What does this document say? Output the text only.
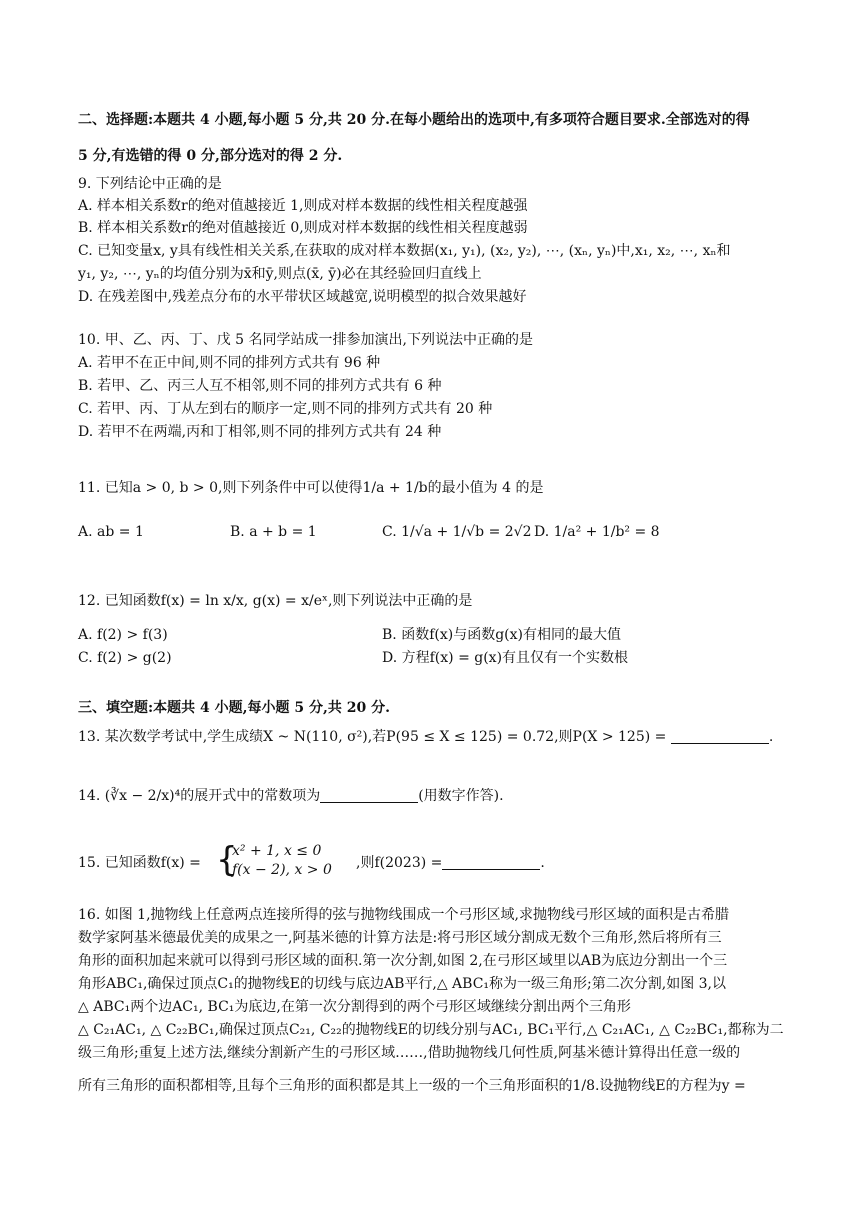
二、选择题:本题共 4 小题,每小题 5 分,共 20 分.在每小题给出的选项中,有多项符合题目要求.全部选对的得
5 分,有选错的得 0 分,部分选对的得 2 分.
9. 下列结论中正确的是
A. 样本相关系数r的绝对值越接近 1,则成对样本数据的线性相关程度越强
B. 样本相关系数r的绝对值越接近 0,则成对样本数据的线性相关程度越弱
C. 已知变量x, y具有线性相关关系,在获取的成对样本数据(x₁, y₁), (x₂, y₂), ⋯, (xₙ, yₙ)中,x₁, x₂, ⋯, xₙ和
y₁, y₂, ⋯, yₙ的均值分别为x̄和ȳ,则点(x̄, ȳ)必在其经验回归直线上
D. 在残差图中,残差点分布的水平带状区域越宽,说明模型的拟合效果越好
10. 甲、乙、丙、丁、戊 5 名同学站成一排参加演出,下列说法中正确的是
A. 若甲不在正中间,则不同的排列方式共有 96 种
B. 若甲、乙、丙三人互不相邻,则不同的排列方式共有 6 种
C. 若甲、丙、丁从左到右的顺序一定,则不同的排列方式共有 20 种
D. 若甲不在两端,丙和丁相邻,则不同的排列方式共有 24 种
11. 已知a > 0, b > 0,则下列条件中可以使得1/a + 1/b的最小值为 4 的是
A. ab = 1	B. a + b = 1	C. 1/√a + 1/√b = 2√2 D. 1/a² + 1/b² = 8
12. 已知函数f(x) = ln x/x, g(x) = x/eˣ,则下列说法中正确的是
A. f(2) > f(3)	B. 函数f(x)与函数g(x)有相同的最大值
C. f(2) > g(2)	D. 方程f(x) = g(x)有且仅有一个实数根
三、填空题:本题共 4 小题,每小题 5 分,共 20 分.
13. 某次数学考试中,学生成绩X ~ N(110, σ²),若P(95 ≤ X ≤ 125) = 0.72,则P(X > 125) =	.
14. (∛x − 2/x)⁴的展开式中的常数项为	(用数字作答).
15. 已知函数f(x) = {
x² + 1, x ≤ 0
f(x − 2), x > 0 ,则f(2023) =	.
16. 如图 1,抛物线上任意两点连接所得的弦与抛物线围成一个弓形区域,求抛物线弓形区域的面积是古希腊
数学家阿基米德最优美的成果之一,阿基米德的计算方法是:将弓形区域分割成无数个三角形,然后将所有三
角形的面积加起来就可以得到弓形区域的面积.第一次分割,如图 2,在弓形区域里以AB为底边分割出一个三
角形ABC₁,确保过顶点C₁的抛物线E的切线与底边AB平行,△ ABC₁称为一级三角形;第二次分割,如图 3,以
△ ABC₁两个边AC₁, BC₁为底边,在第一次分割得到的两个弓形区域继续分割出两个三角形
△ C₂₁AC₁, △ C₂₂BC₁,确保过顶点C₂₁, C₂₂的抛物线E的切线分别与AC₁, BC₁平行,△ C₂₁AC₁, △ C₂₂BC₁,都称为二
级三角形;重复上述方法,继续分割新产生的弓形区域……,借助抛物线几何性质,阿基米德计算得出任意一级的
所有三角形的面积都相等,且每个三角形的面积都是其上一级的一个三角形面积的1/8.设抛物线E的方程为y =
